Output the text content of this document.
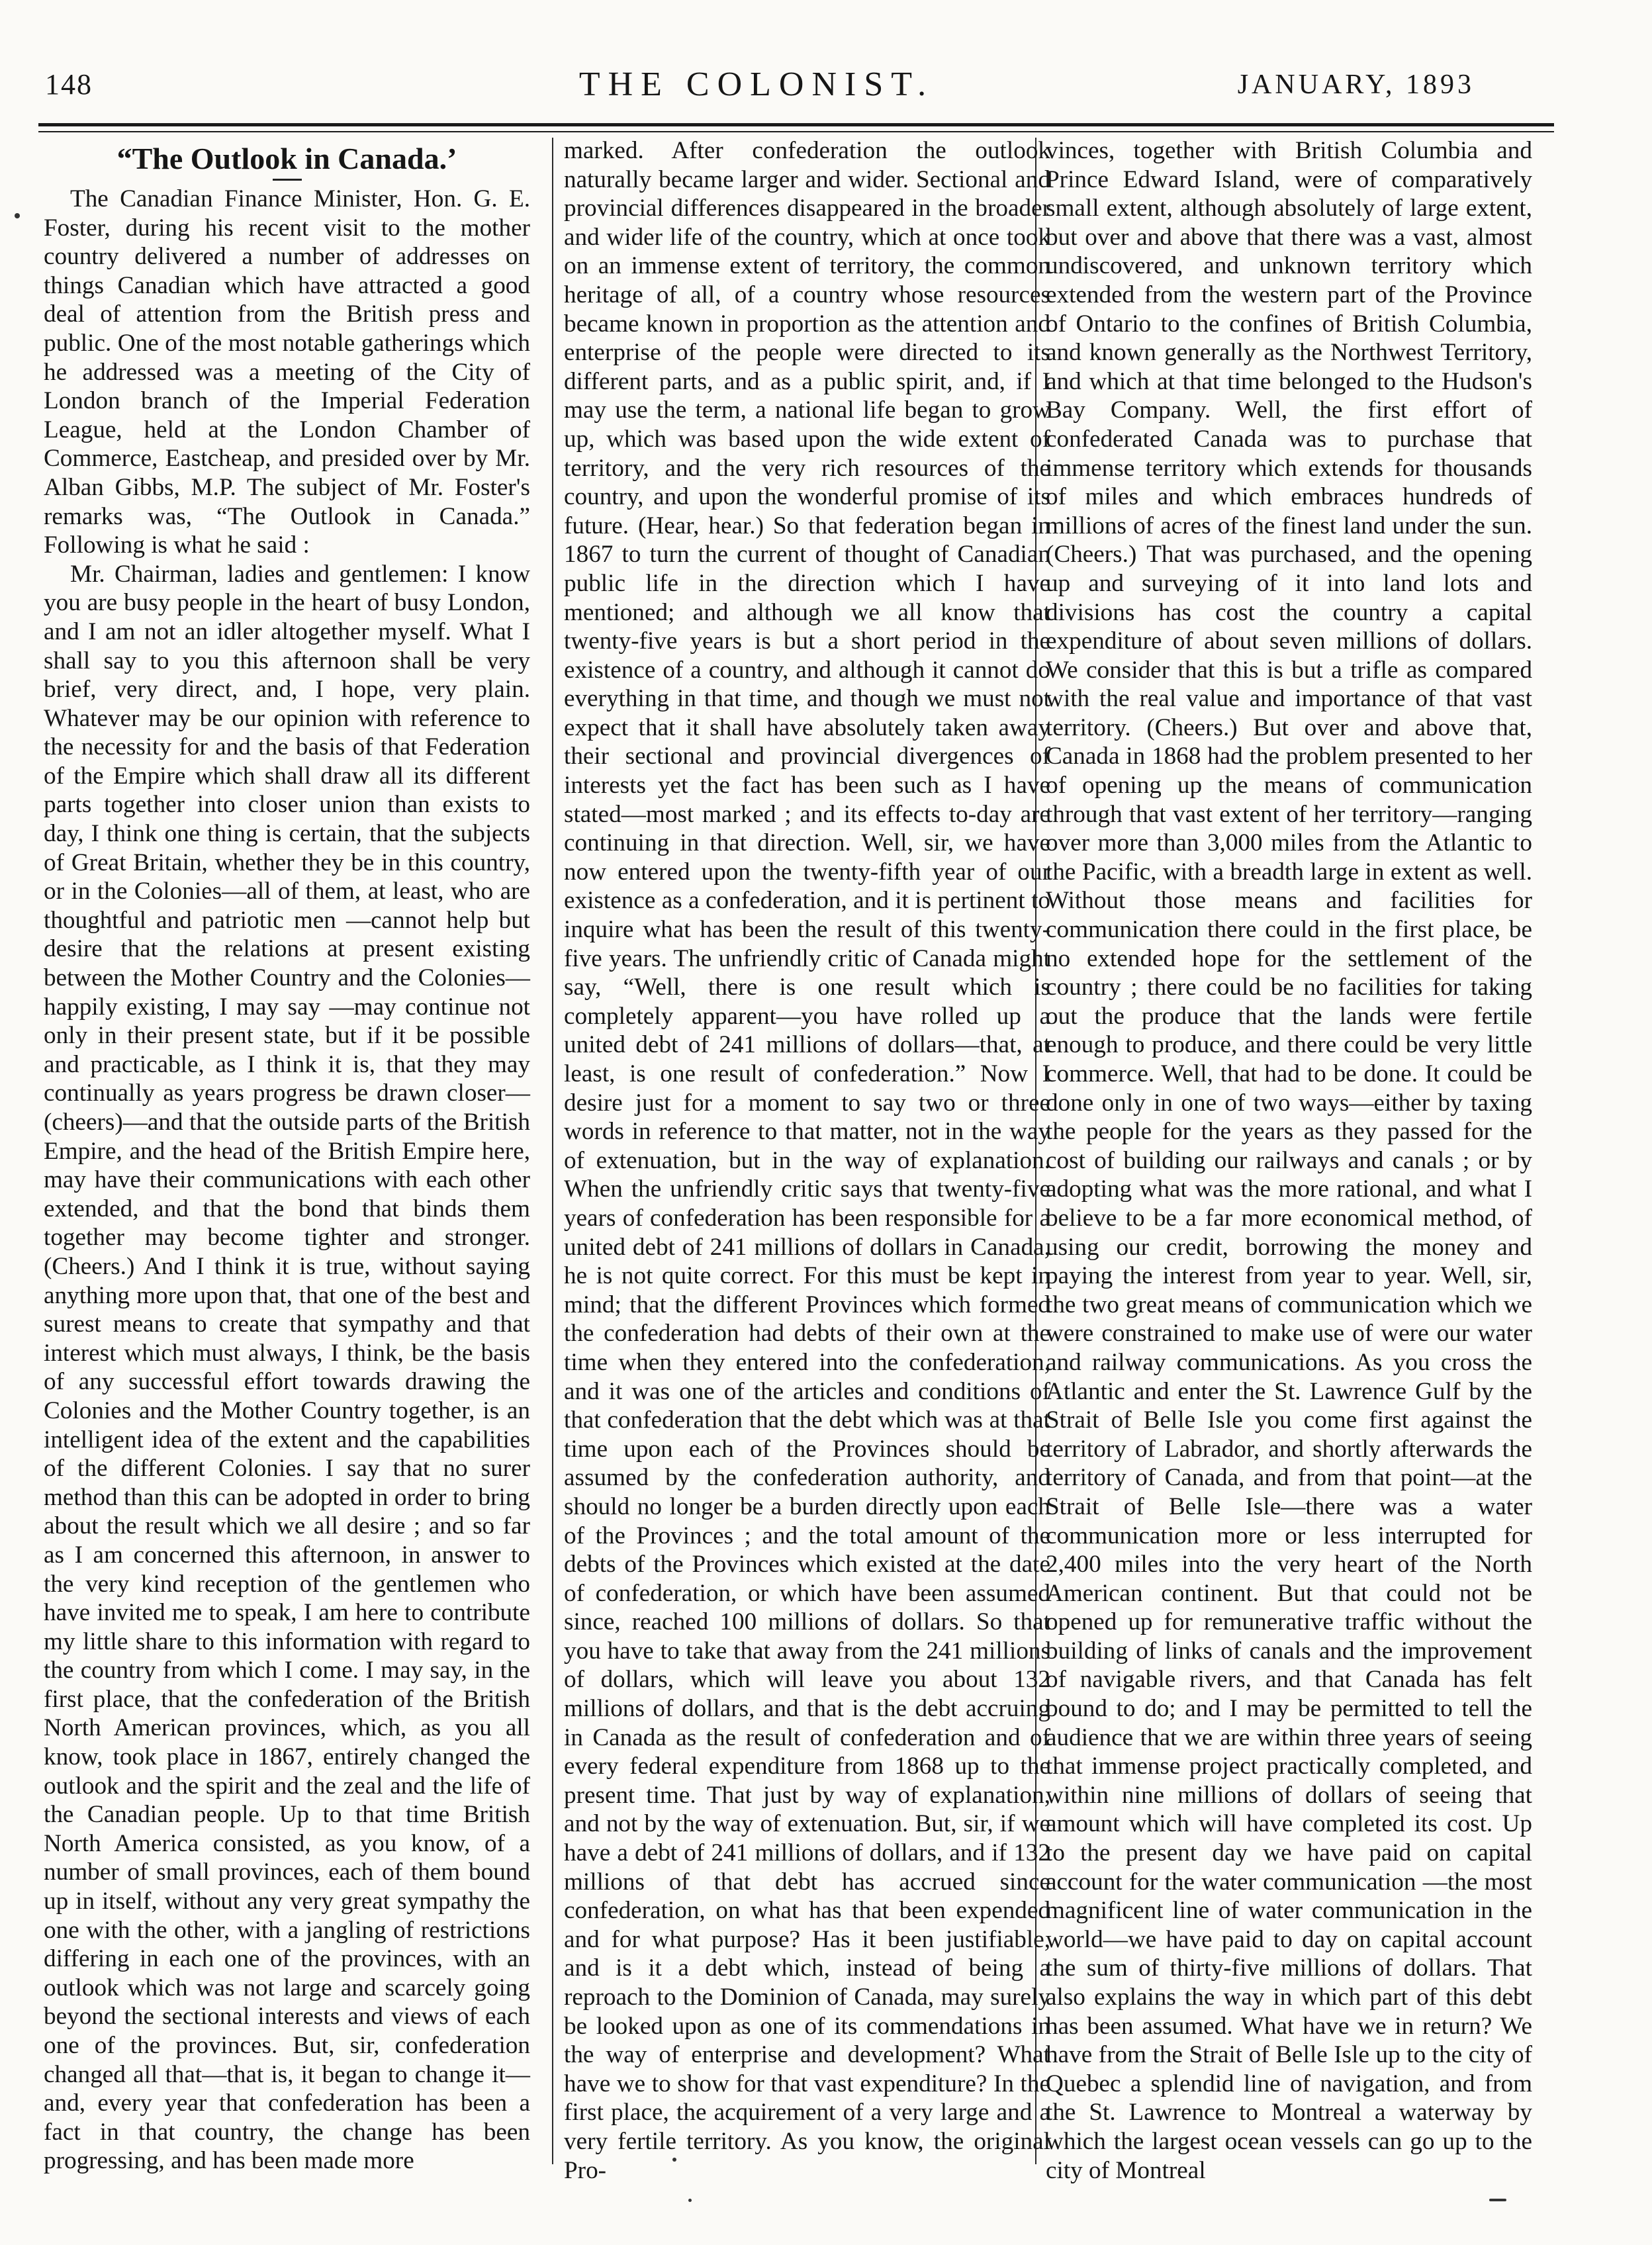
148	THE COLONIST.	JANUARY, 1893
“The Outlook in Canada.’

The Canadian Finance Minister, Hon. G. E. Foster, during his recent visit to the mother country delivered a number of addresses on things Canadian which have attracted a good deal of attention from the British press and public. One of the most notable gatherings which he addressed was a meeting of the City of London branch of the Imperial Federation League, held at the London Chamber of Commerce, Eastcheap, and presided over by Mr. Alban Gibbs, M.P. The subject of Mr. Foster's remarks was, “The Outlook in Canada.” Following is what he said :

Mr. Chairman, ladies and gentlemen: I know you are busy people in the heart of busy London, and I am not an idler altogether myself. What I shall say to you this afternoon shall be very brief, very direct, and, I hope, very plain. Whatever may be our opinion with reference to the necessity for and the basis of that Federation of the Empire which shall draw all its different parts together into closer union than exists to day, I think one thing is certain, that the subjects of Great Britain, whether they be in this country, or in the Colonies—all of them, at least, who are thoughtful and patriotic men —cannot help but desire that the relations at present existing between the Mother Country and the Colonies—happily existing, I may say —may continue not only in their present state, but if it be possible and practicable, as I think it is, that they may continually as years progress be drawn closer—(cheers)—and that the outside parts of the British Empire, and the head of the British Empire here, may have their communications with each other extended, and that the bond that binds them together may become tighter and stronger. (Cheers.) And I think it is true, without saying anything more upon that, that one of the best and surest means to create that sympathy and that interest which must always, I think, be the basis of any successful effort towards drawing the Colonies and the Mother Country together, is an intelligent idea of the extent and the capabilities of the different Colonies. I say that no surer method than this can be adopted in order to bring about the result which we all desire ; and so far as I am concerned this afternoon, in answer to the very kind reception of the gentlemen who have invited me to speak, I am here to contribute my little share to this information with regard to the country from which I come. I may say, in the first place, that the confederation of the British North American provinces, which, as you all know, took place in 1867, entirely changed the outlook and the spirit and the zeal and the life of the Canadian people. Up to that time British North America consisted, as you know, of a number of small provinces, each of them bound up in itself, without any very great sympathy the one with the other, with a jangling of restrictions differing in each one of the provinces, with an outlook which was not large and scarcely going beyond the sectional interests and views of each one of the provinces. But, sir, confederation changed all that—that is, it began to change it—and, every year that confederation has been a fact in that country, the change has been progressing, and has been made more

marked. After confederation the outlook naturally became larger and wider. Sectional and provincial differences disappeared in the broader and wider life of the country, which at once took on an immense extent of territory, the common heritage of all, of a country whose resources became known in proportion as the attention and enterprise of the people were directed to its different parts, and as a public spirit, and, if I may use the term, a national life began to grow up, which was based upon the wide extent of territory, and the very rich resources of the country, and upon the wonderful promise of its future. (Hear, hear.) So that federation began in 1867 to turn the current of thought of Canadian public life in the direction which I have mentioned; and although we all know that twenty-five years is but a short period in the existence of a country, and although it cannot do everything in that time, and though we must not expect that it shall have absolutely taken away their sectional and provincial divergences of interests yet the fact has been such as I have stated—most marked ; and its effects to-day are continuing in that direction. Well, sir, we have now entered upon the twenty-fifth year of our existence as a confederation, and it is pertinent to inquire what has been the result of this twenty-five years. The unfriendly critic of Canada might say, “Well, there is one result which is completely apparent—you have rolled up a united debt of 241 millions of dollars—that, at least, is one result of confederation.” Now I desire just for a moment to say two or three words in reference to that matter, not in the way of extenuation, but in the way of explanation. When the unfriendly critic says that twenty-five years of confederation has been responsible for a united debt of 241 millions of dollars in Canada, he is not quite correct. For this must be kept in mind; that the different Provinces which formed the confederation had debts of their own at the time when they entered into the confederation, and it was one of the articles and conditions of that confederation that the debt which was at that time upon each of the Provinces should be assumed by the confederation authority, and should no longer be a burden directly upon each of the Provinces ; and the total amount of the debts of the Provinces which existed at the date of confederation, or which have been assumed since, reached 100 millions of dollars. So that you have to take that away from the 241 millions of dollars, which will leave you about 132 millions of dollars, and that is the debt accruing in Canada as the result of confederation and of every federal expenditure from 1868 up to the present time. That just by way of explanation, and not by the way of extenuation. But, sir, if we have a debt of 241 millions of dollars, and if 132 millions of that debt has accrued since confederation, on what has that been expended and for what purpose? Has it been justifiable, and is it a debt which, instead of being a reproach to the Dominion of Canada, may surely be looked upon as one of its commendations in the way of enterprise and development? What have we to show for that vast expenditure? In the first place, the acquirement of a very large and a very fertile territory. As you know, the original Pro-

vinces, together with British Columbia and Prince Edward Island, were of comparatively small extent, although absolutely of large extent, but over and above that there was a vast, almost undiscovered, and unknown territory which extended from the western part of the Province of Ontario to the confines of British Columbia, and known generally as the Northwest Territory, and which at that time belonged to the Hudson's Bay Company. Well, the first effort of confederated Canada was to purchase that immense territory which extends for thousands of miles and which embraces hundreds of millions of acres of the finest land under the sun. (Cheers.) That was purchased, and the opening up and surveying of it into land lots and divisions has cost the country a capital expenditure of about seven millions of dollars. We consider that this is but a trifle as compared with the real value and importance of that vast territory. (Cheers.) But over and above that, Canada in 1868 had the problem presented to her of opening up the means of communication through that vast extent of her territory—ranging over more than 3,000 miles from the Atlantic to the Pacific, with a breadth large in extent as well. Without those means and facilities for communication there could in the first place, be no extended hope for the settlement of the country ; there could be no facilities for taking out the produce that the lands were fertile enough to produce, and there could be very little commerce. Well, that had to be done. It could be done only in one of two ways—either by taxing the people for the years as they passed for the cost of building our railways and canals ; or by adopting what was the more rational, and what I believe to be a far more economical method, of using our credit, borrowing the money and paying the interest from year to year. Well, sir, the two great means of communication which we were constrained to make use of were our water and railway communications. As you cross the Atlantic and enter the St. Lawrence Gulf by the Strait of Belle Isle you come first against the territory of Labrador, and shortly afterwards the territory of Canada, and from that point—at the Strait of Belle Isle—there was a water communication more or less interrupted for 2,400 miles into the very heart of the North American continent. But that could not be opened up for remunerative traffic without the building of links of canals and the improvement of navigable rivers, and that Canada has felt bound to do; and I may be permitted to tell the audience that we are within three years of seeing that immense project practically completed, and within nine millions of dollars of seeing that amount which will have completed its cost. Up to the present day we have paid on capital account for the water communication —the most magnificent line of water communication in the world—we have paid to day on capital account the sum of thirty-five millions of dollars. That also explains the way in which part of this debt has been assumed. What have we in return? We have from the Strait of Belle Isle up to the city of Quebec a splendid line of navigation, and from the St. Lawrence to Montreal a waterway by which the largest ocean vessels can go up to the city of Montreal
